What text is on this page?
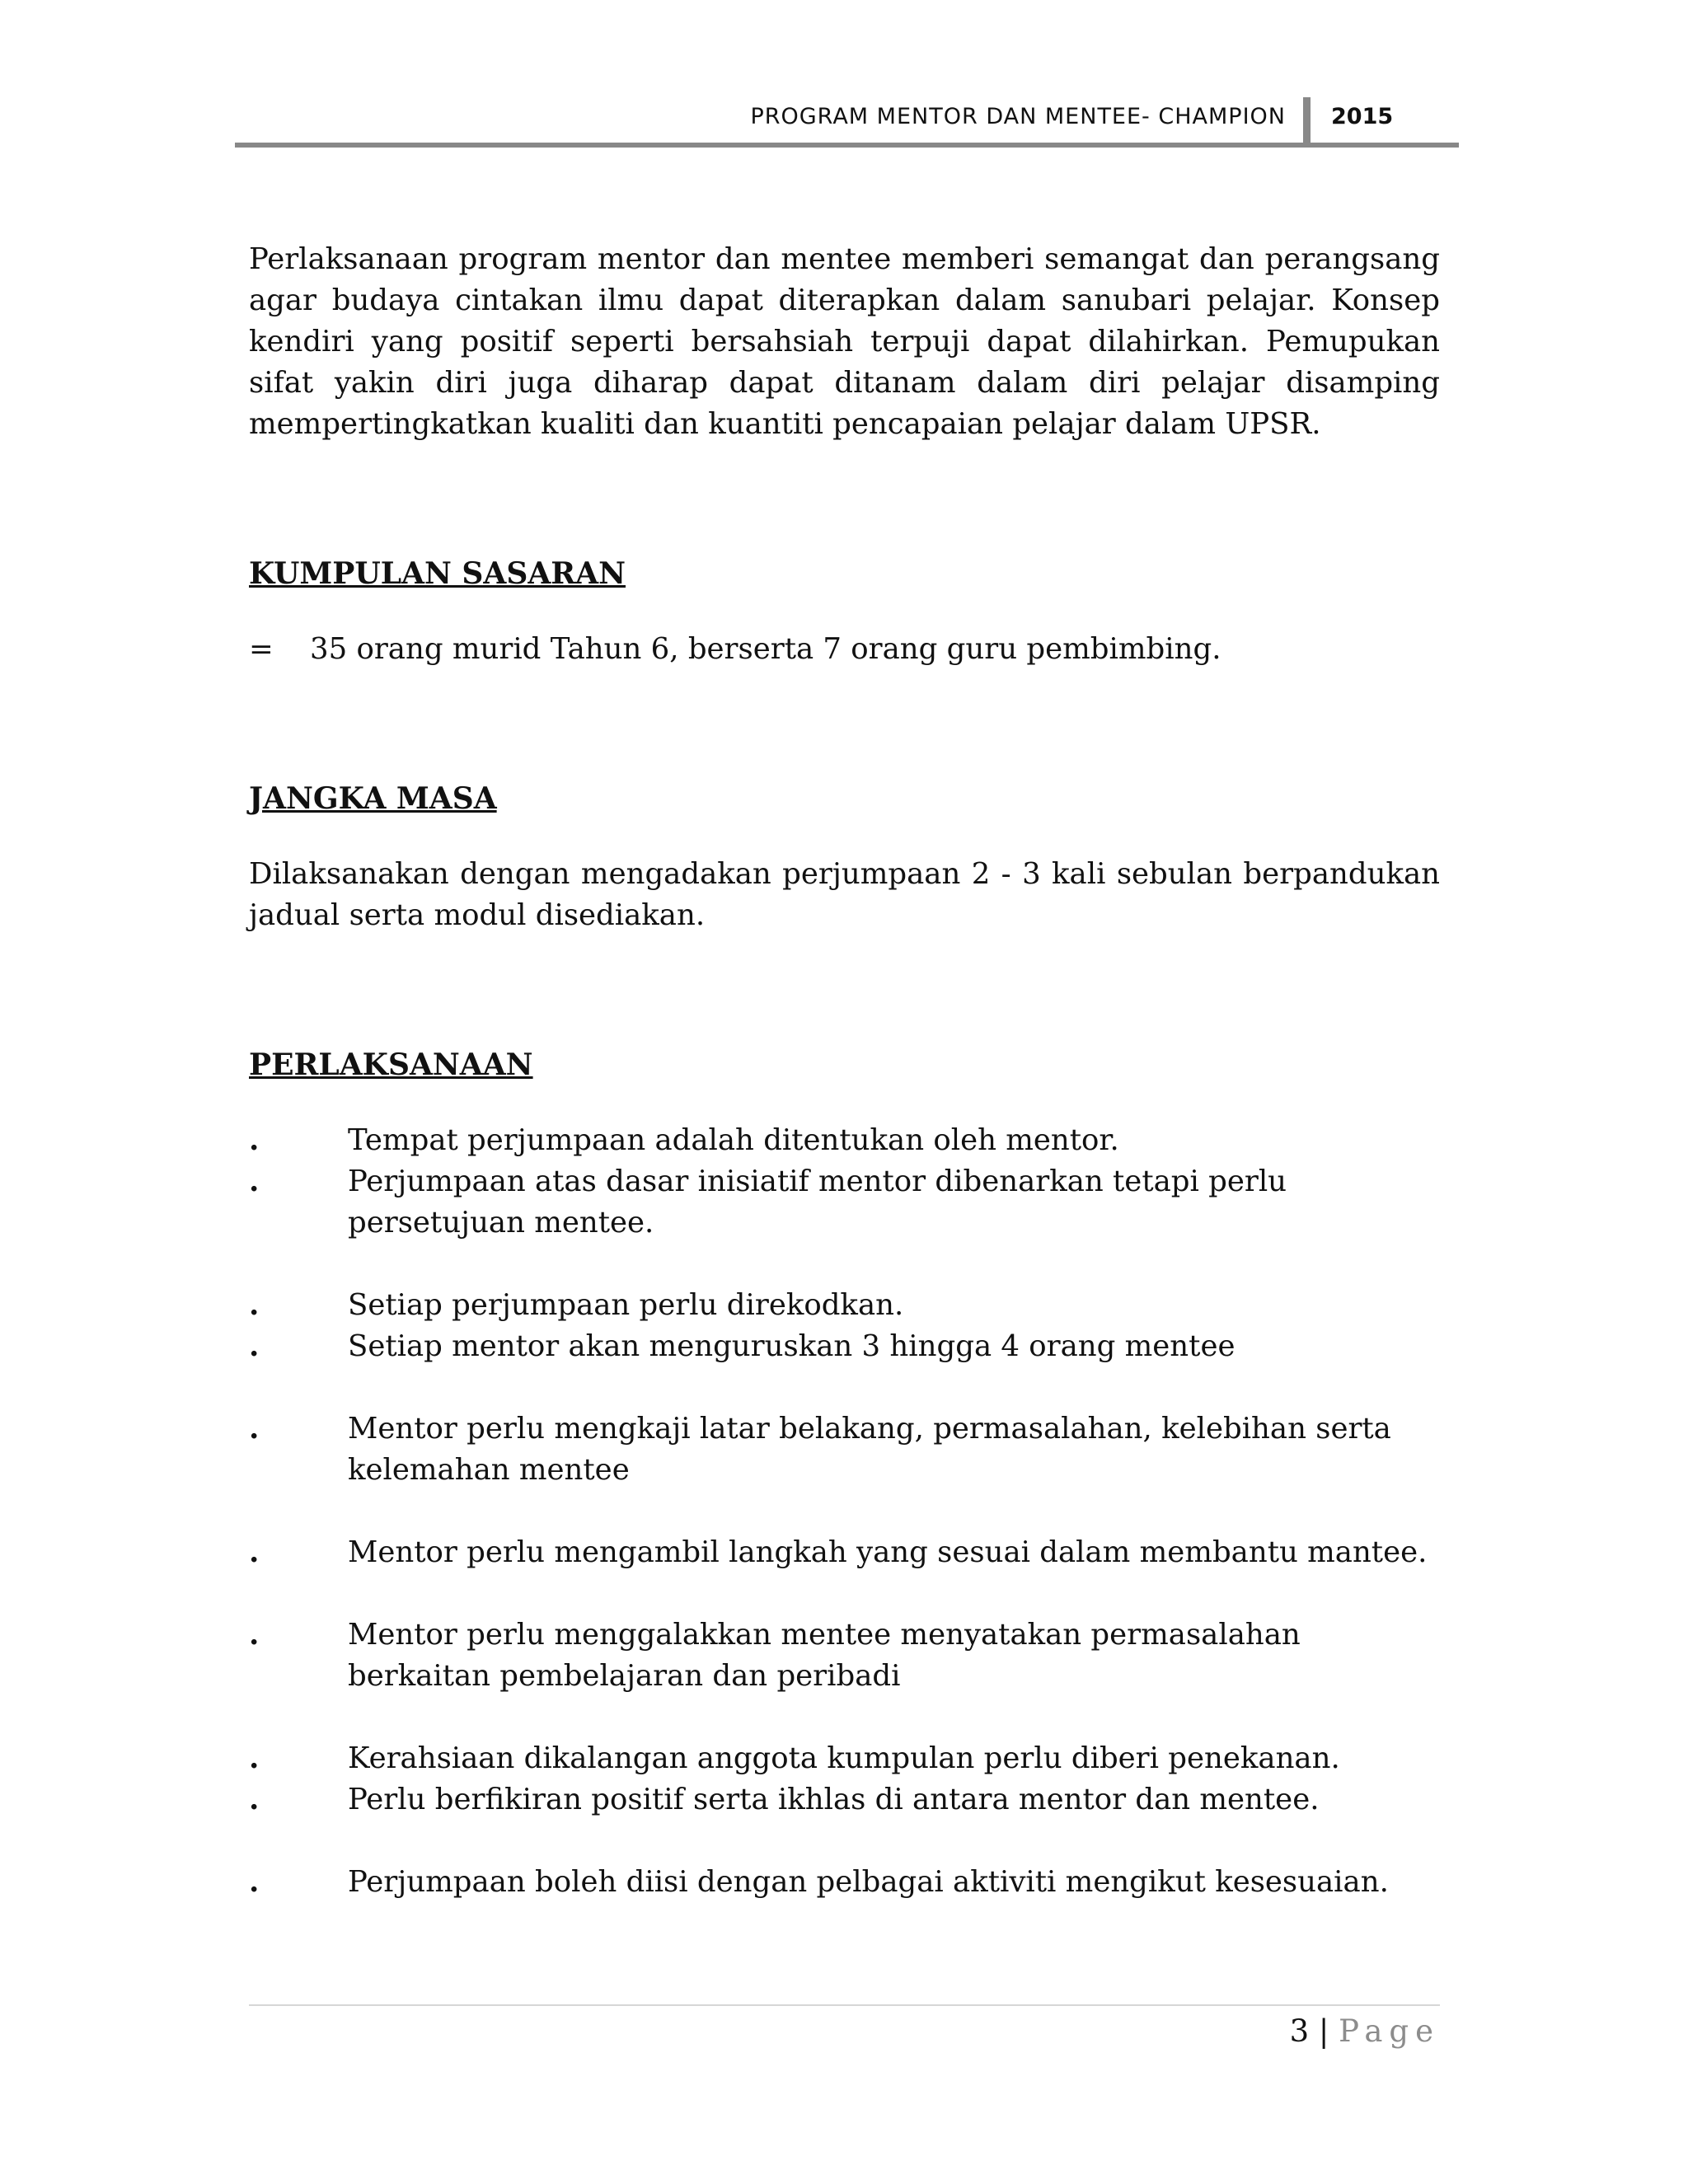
PROGRAM MENTOR DAN MENTEE- CHAMPION 2015

Perlaksanaan program mentor dan mentee memberi semangat dan perangsang agar budaya cintakan ilmu dapat diterapkan dalam sanubari pelajar. Konsep kendiri yang positif seperti bersahsiah terpuji dapat dilahirkan. Pemupukan sifat yakin diri juga diharap dapat ditanam dalam diri pelajar disamping mempertingkatkan kualiti dan kuantiti pencapaian pelajar dalam UPSR.

KUMPULAN SASARAN

=	35 orang murid Tahun 6, berserta 7 orang guru pembimbing.

JANGKA MASA

Dilaksanakan dengan mengadakan perjumpaan 2 - 3 kali sebulan berpandukan jadual serta modul disediakan.

PERLAKSANAAN

.	Tempat perjumpaan adalah ditentukan oleh mentor.
.	Perjumpaan atas dasar inisiatif mentor dibenarkan tetapi perlu persetujuan mentee.
.	Setiap perjumpaan perlu direkodkan.
.	Setiap mentor akan menguruskan 3 hingga 4 orang mentee
.	Mentor perlu mengkaji latar belakang, permasalahan, kelebihan serta kelemahan mentee
.	Mentor perlu mengambil langkah yang sesuai dalam membantu mantee.
.	Mentor perlu menggalakkan mentee menyatakan permasalahan berkaitan pembelajaran dan peribadi
.	Kerahsiaan dikalangan anggota kumpulan perlu diberi penekanan.
.	Perlu berfikiran positif serta ikhlas di antara mentor dan mentee.
.	Perjumpaan boleh diisi dengan pelbagai aktiviti mengikut kesesuaian.
3 | Page
